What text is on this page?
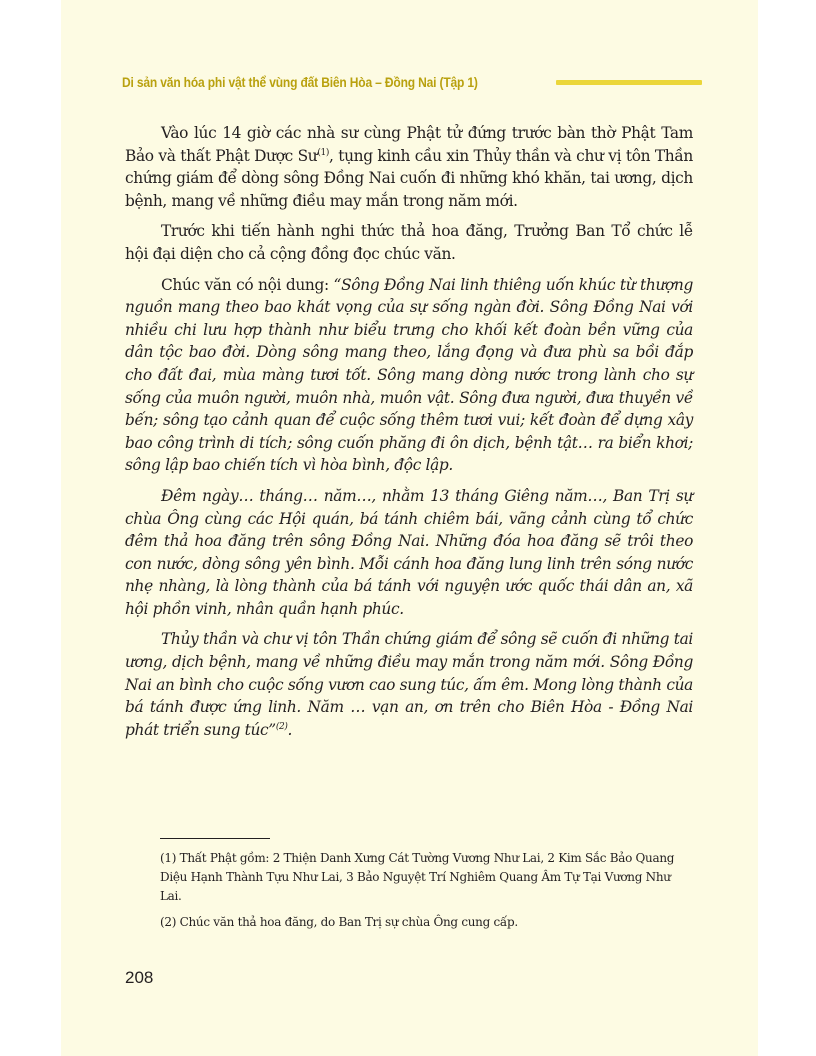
Di sản văn hóa phi vật thể vùng đất Biên Hòa – Đồng Nai (Tập 1)

Vào lúc 14 giờ các nhà sư cùng Phật tử đứng trước bàn thờ Phật Tam Bảo và thất Phật Dược $Sư^{(1)}$, tụng kinh cầu xin Thủy thần và chư vị tôn Thần chứng giám để dòng sông Đồng Nai cuốn đi những khó khăn, tai ương, dịch bệnh, mang về những điều may mắn trong năm mới.

Trước khi tiến hành nghi thức thả hoa đăng, Trưởng Ban Tổ chức lễ hội đại diện cho cả cộng đồng đọc chúc văn.

Chúc văn có nội dung: “Sông Đồng Nai linh thiêng uốn khúc từ thượng nguồn mang theo bao khát vọng của sự sống ngàn đời. Sông Đồng Nai với nhiều chi lưu hợp thành như biểu trưng cho khối kết đoàn bền vững của dân tộc bao đời. Dòng sông mang theo, lắng đọng và đưa phù sa bồi đắp cho đất đai, mùa màng tươi tốt. Sông mang dòng nước trong lành cho sự sống của muôn người, muôn nhà, muôn vật. Sông đưa người, đưa thuyền về bến; sông tạo cảnh quan để cuộc sống thêm tươi vui; kết đoàn để dựng xây bao công trình di tích; sông cuốn phăng đi ôn dịch, bệnh tật… ra biển khơi; sông lập bao chiến tích vì hòa bình, độc lập.

Đêm ngày… tháng… năm…, nhằm 13 tháng Giêng năm…, Ban Trị sự chùa Ông cùng các Hội quán, bá tánh chiêm bái, vãng cảnh cùng tổ chức đêm thả hoa đăng trên sông Đồng Nai. Những đóa hoa đăng sẽ trôi theo con nước, dòng sông yên bình. Mỗi cánh hoa đăng lung linh trên sóng nước nhẹ nhàng, là lòng thành của bá tánh với nguyện ước quốc thái dân an, xã hội phồn vinh, nhân quần hạnh phúc.

Thủy thần và chư vị tôn Thần chứng giám để sông sẽ cuốn đi những tai ương, dịch bệnh, mang về những điều may mắn trong năm mới. Sông Đồng Nai an bình cho cuộc sống vươn cao sung túc, ấm êm. Mong lòng thành của bá tánh được ứng linh. Năm … vạn an, ơn trên cho Biên Hòa - Đồng Nai phát triển sung túc”$^{(2)}$.

(1) Thất Phật gồm: 2 Thiện Danh Xưng Cát Tường Vương Như Lai, 2 Kim Sắc Bảo Quang Diệu Hạnh Thành Tựu Như Lai, 3 Bảo Nguyệt Trí Nghiêm Quang Âm Tự Tại Vương Như Lai.

(2) Chúc văn thả hoa đăng, do Ban Trị sự chùa Ông cung cấp.

208
